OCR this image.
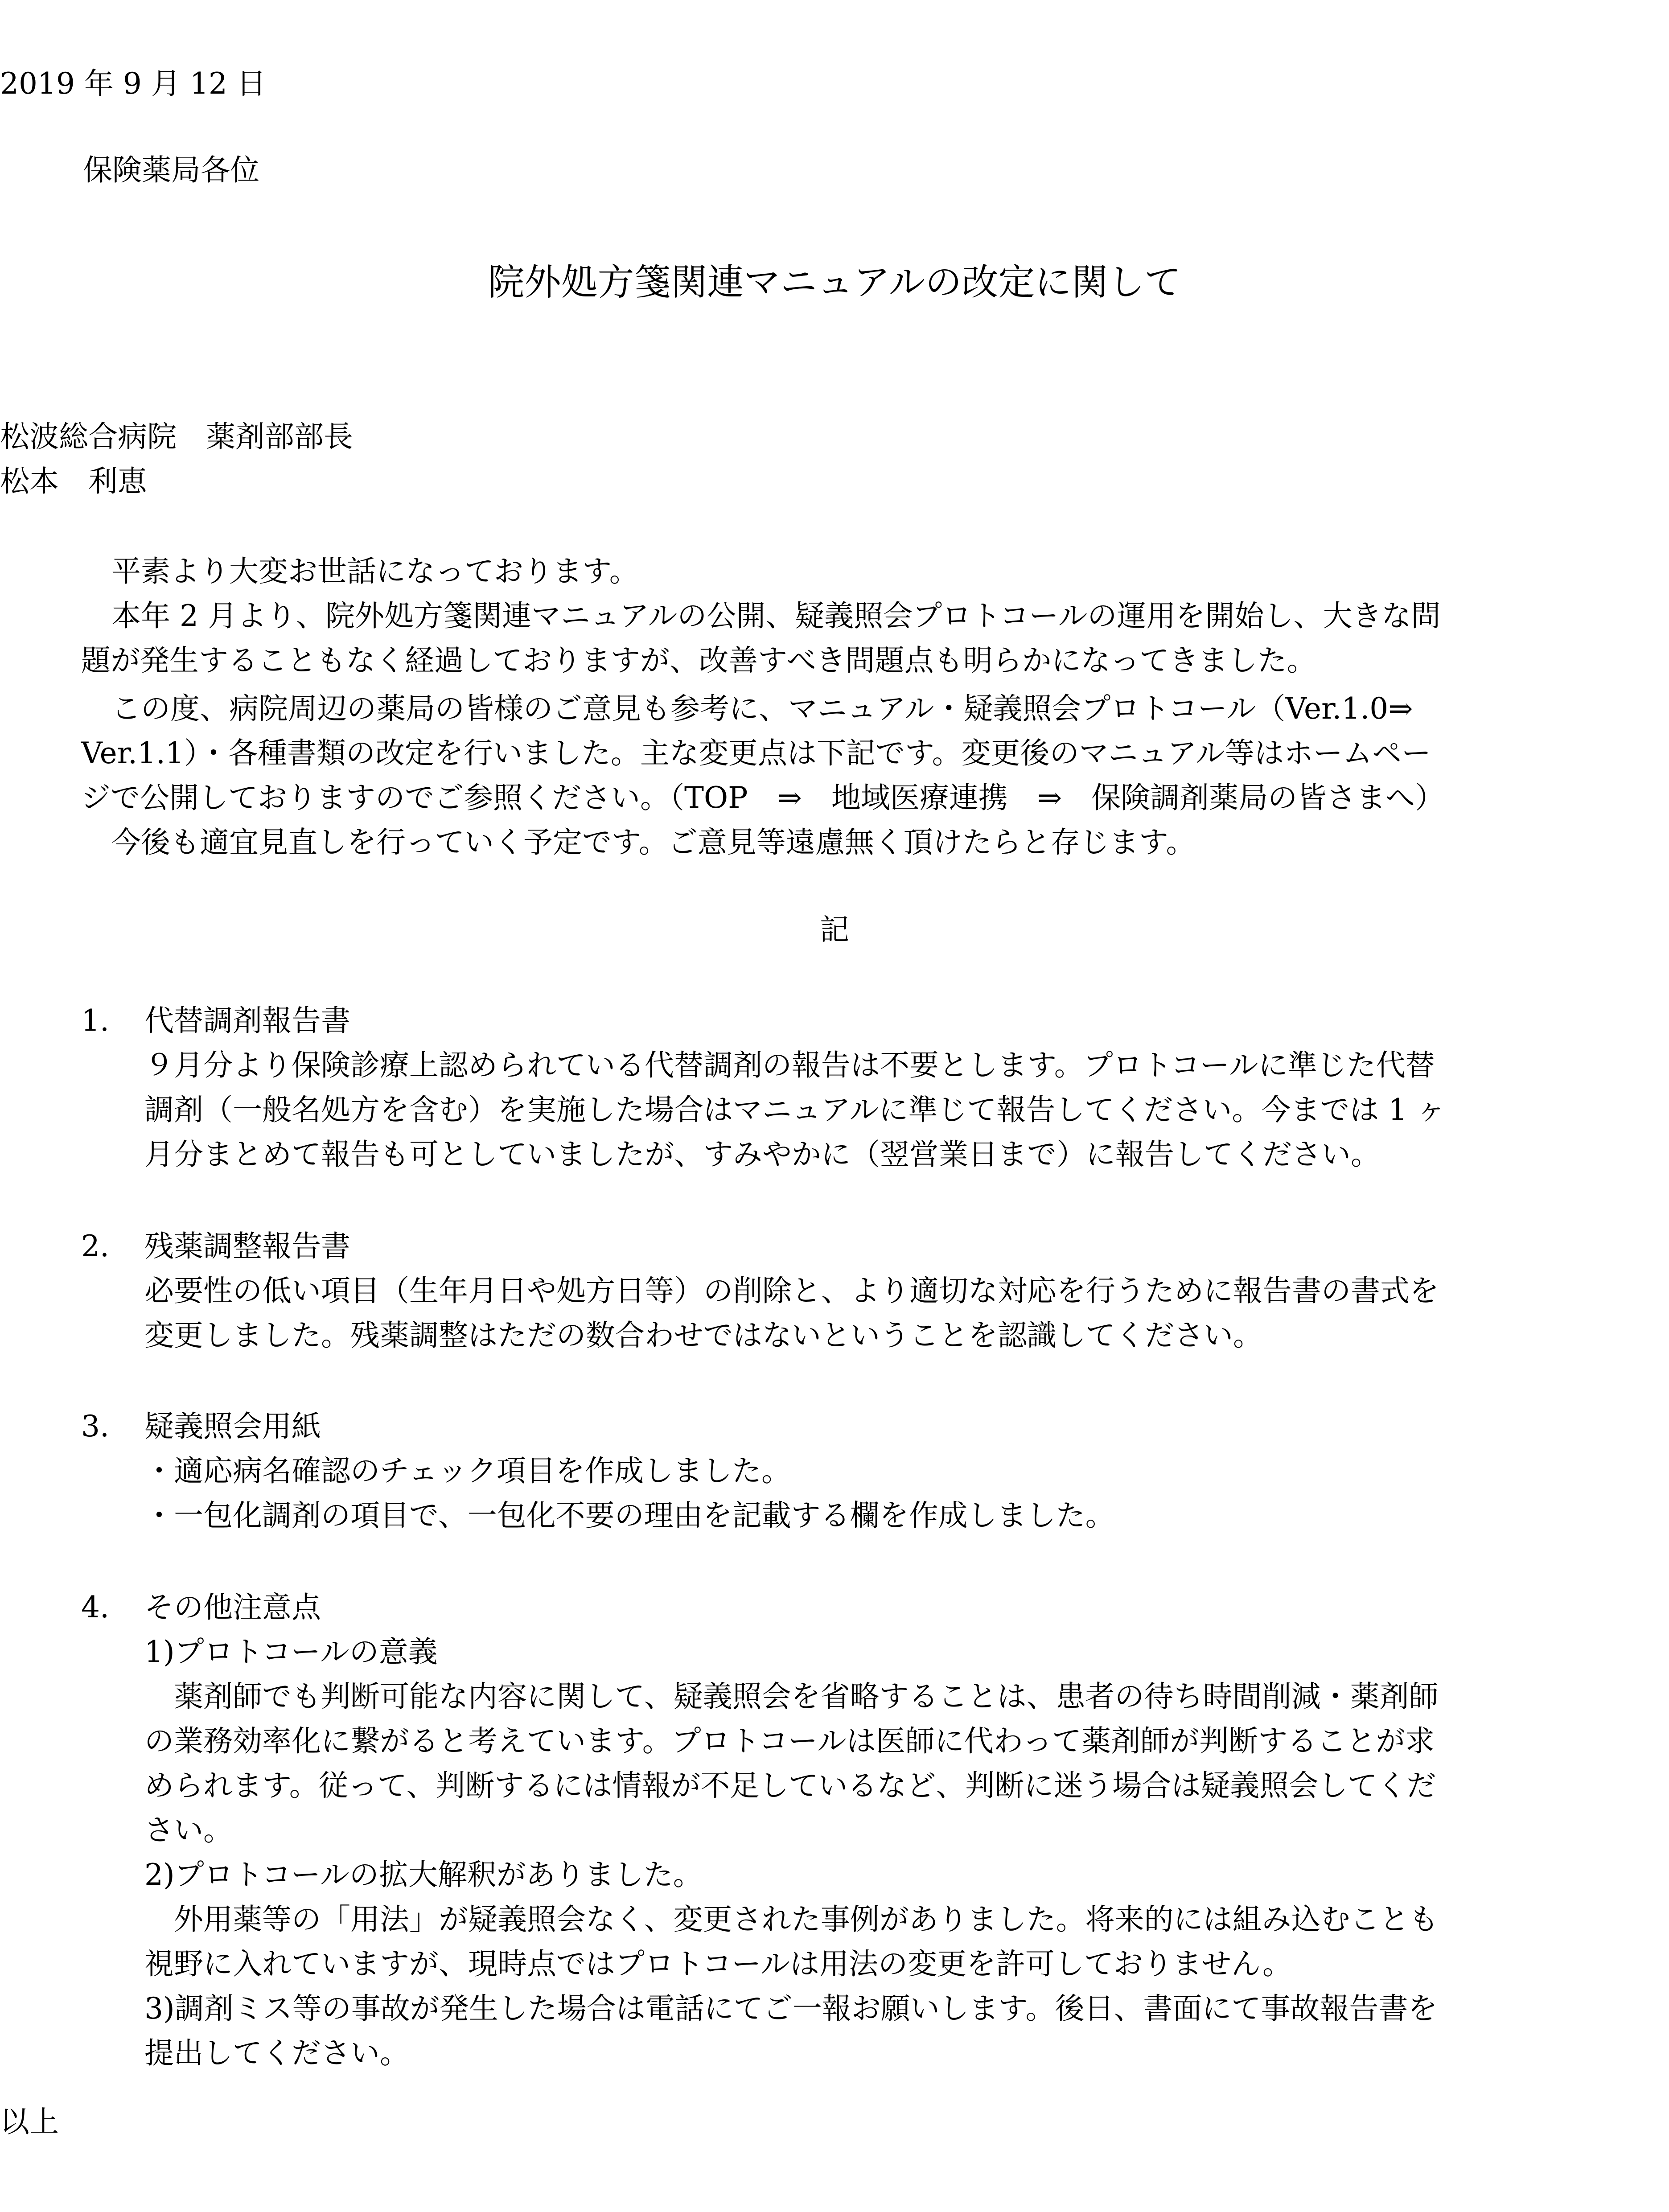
2019 年 9 月 12 日

保険薬局各位

院外処方箋関連マニュアルの改定に関して

松波総合病院　薬剤部部長

松本　利恵

平素より大変お世話になっております。

本年 2 月より、院外処方箋関連マニュアルの公開、疑義照会プロトコールの運用を開始し、大きな問

題が発生することもなく経過しておりますが、改善すべき問題点も明らかになってきました。

この度、病院周辺の薬局の皆様のご意見も参考に、マニュアル・疑義照会プロトコール（Ver.1.0⇒

Ver.1.1）・各種書類の改定を行いました。主な変更点は下記です。変更後のマニュアル等はホームペー

ジで公開しておりますのでご参照ください。（TOP　⇒　地域医療連携　⇒　保険調剤薬局の皆さまへ）

今後も適宜見直しを行っていく予定です。ご意見等遠慮無く頂けたらと存じます。

記

1. 代替調剤報告書

９月分より保険診療上認められている代替調剤の報告は不要とします。プロトコールに準じた代替

調剤（一般名処方を含む）を実施した場合はマニュアルに準じて報告してください。今までは 1 ヶ

月分まとめて報告も可としていましたが、すみやかに（翌営業日まで）に報告してください。

2. 残薬調整報告書

必要性の低い項目（生年月日や処方日等）の削除と、より適切な対応を行うために報告書の書式を

変更しました。残薬調整はただの数合わせではないということを認識してください。

3. 疑義照会用紙

・適応病名確認のチェック項目を作成しました。

・一包化調剤の項目で、一包化不要の理由を記載する欄を作成しました。

4. その他注意点

1)プロトコールの意義

薬剤師でも判断可能な内容に関して、疑義照会を省略することは、患者の待ち時間削減・薬剤師

の業務効率化に繋がると考えています。プロトコールは医師に代わって薬剤師が判断することが求

められます。従って、判断するには情報が不足しているなど、判断に迷う場合は疑義照会してくだ

さい。

2)プロトコールの拡大解釈がありました。

外用薬等の「用法」が疑義照会なく、変更された事例がありました。将来的には組み込むことも

視野に入れていますが、現時点ではプロトコールは用法の変更を許可しておりません。

3)調剤ミス等の事故が発生した場合は電話にてご一報お願いします。後日、書面にて事故報告書を

提出してください。

以上
